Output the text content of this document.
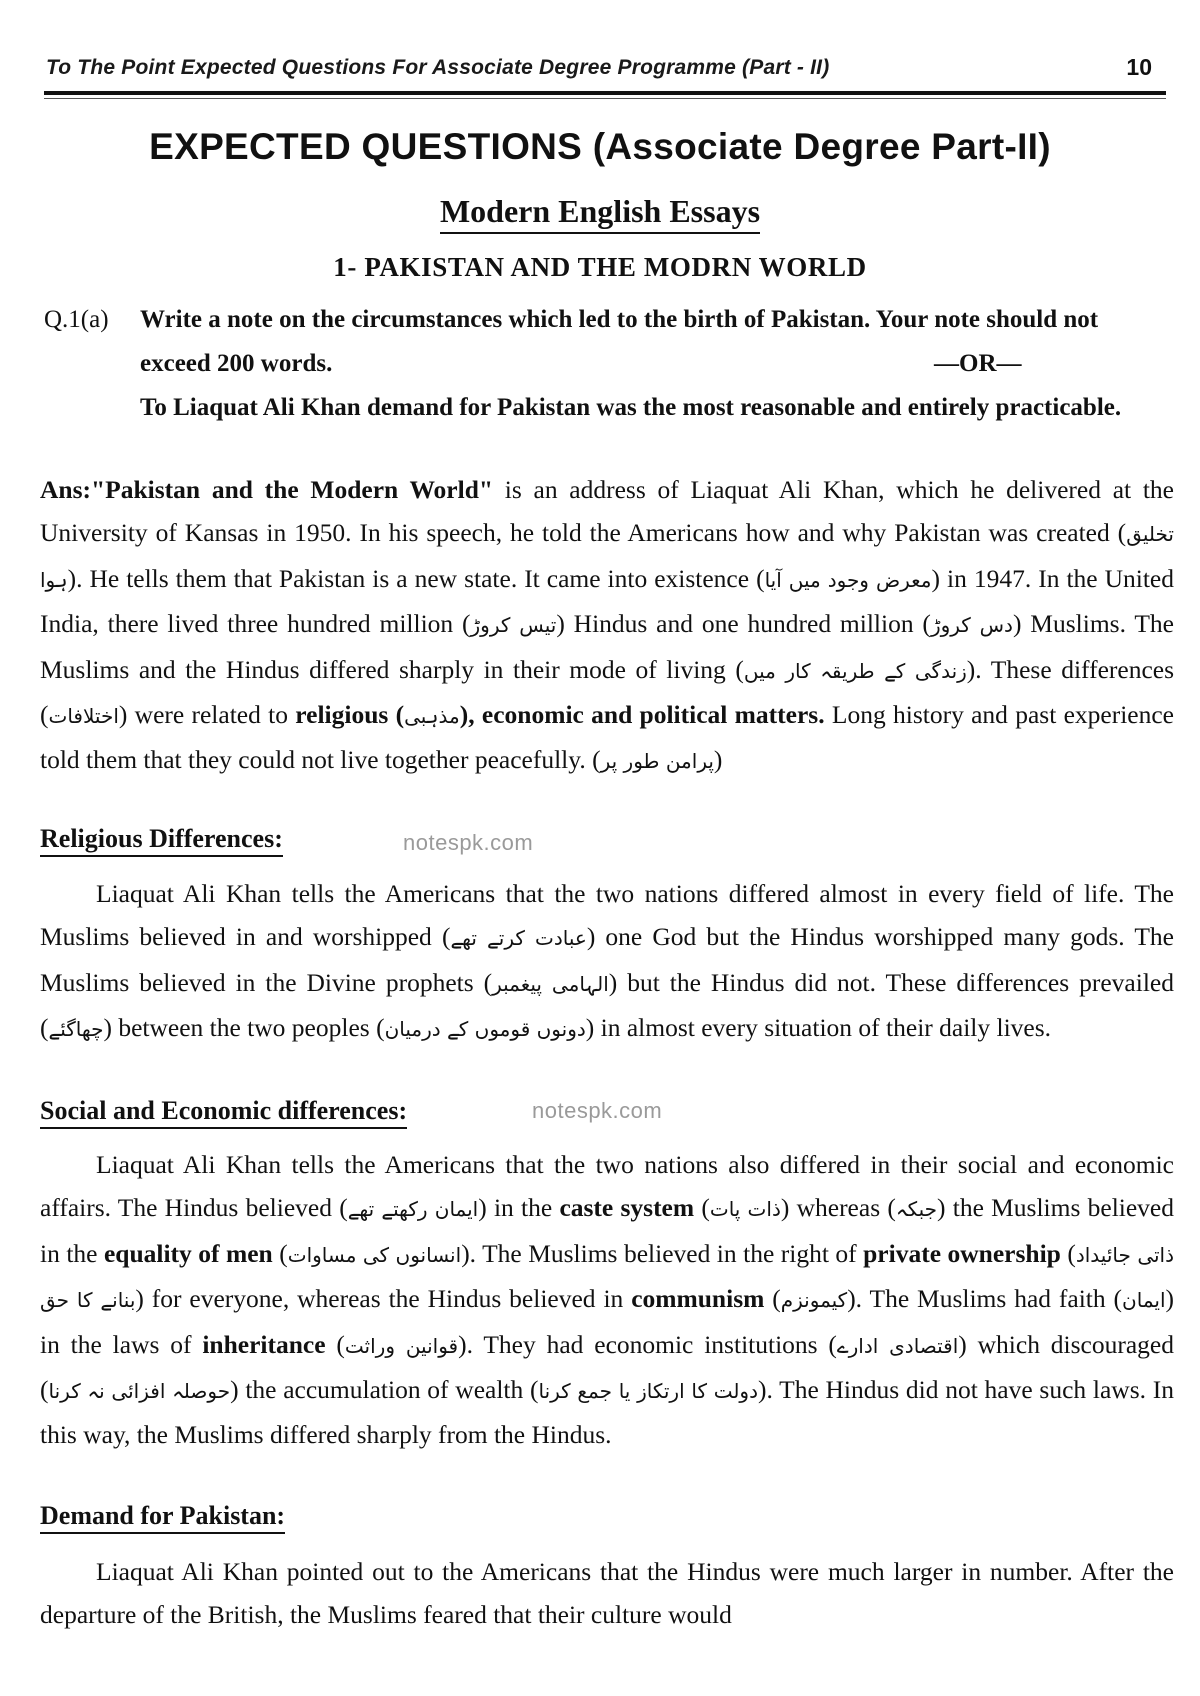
To The Point Expected Questions For Associate Degree Programme (Part - II)	10
EXPECTED QUESTIONS (Associate Degree Part-II)
Modern English Essays
1- PAKISTAN AND THE MODRN WORLD
Q.1(a) Write a note on the circumstances which led to the birth of Pakistan. Your note should not exceed 200 words.
To Liaquat Ali Khan demand for Pakistan was the most reasonable and entirely practicable.
—OR—
Ans:"Pakistan and the Modern World" is an address of Liaquat Ali Khan, which he delivered at the University of Kansas in 1950. In his speech, he told the Americans how and why Pakistan was created (تخلیق ہوا). He tells them that Pakistan is a new state. It came into existence (معرض وجود میں آیا) in 1947. In the United India, there lived three hundred million (تیس کروڑ) Hindus and one hundred million (دس کروڑ) Muslims. The Muslims and the Hindus differed sharply in their mode of living (زندگی کے طریقہ کار میں). These differences (اختلافات) were related to religious (مذہبی), economic and political matters. Long history and past experience told them that they could not live together peacefully. (پرامن طور پر)
Religious Differences:	notespk.com
Liaquat Ali Khan tells the Americans that the two nations differed almost in every field of life. The Muslims believed in and worshipped (عبادت کرتے تھے) one God but the Hindus worshipped many gods. The Muslims believed in the Divine prophets (الہامی پیغمبر) but the Hindus did not. These differences prevailed (چھاگئے) between the two peoples (دونوں قوموں کے درمیان) in almost every situation of their daily lives.
Social and Economic differences:	notespk.com
Liaquat Ali Khan tells the Americans that the two nations also differed in their social and economic affairs. The Hindus believed (ایمان رکھتے تھے) in the caste system (ذات پات) whereas (جبکہ) the Muslims believed in the equality of men (انسانوں کی مساوات). The Muslims believed in the right of private ownership (ذاتی جائیداد بنانے کا حق) for everyone, whereas the Hindus believed in communism (کیمونزم). The Muslims had faith (ایمان) in the laws of inheritance (قوانین وراثت). They had economic institutions (اقتصادی ادارے) which discouraged (حوصلہ افزائی نہ کرنا) the accumulation of wealth (دولت کا ارتکاز یا جمع کرنا). The Hindus did not have such laws. In this way, the Muslims differed sharply from the Hindus.
Demand for Pakistan:
Liaquat Ali Khan pointed out to the Americans that the Hindus were much larger in number. After the departure of the British, the Muslims feared that their culture would
